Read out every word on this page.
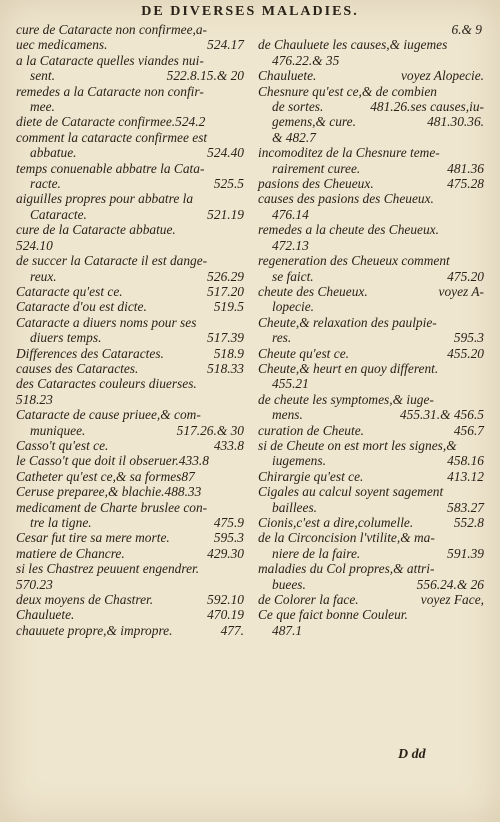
DE DIVERSES MALADIES.
cure de Cataracte non confirmee,a-
uec medicamens.	524.17
a la Cataracte quelles viandes nui-
sent.	522.8.15.& 20
remedes a la Cataracte non confir-
mee.
diete de Cataracte confirmee.524.2
comment la cataracte confirmee est
abbatue.	524.40
temps conuenable abbatre la Cata-
racte.	525.5
aiguilles propres pour abbatre la
Cataracte.	521.19
cure de la Cataracte abbatue.
524.10
de succer la Cataracte il est dange-
reux.	526.29
Cataracte qu'est ce.	517.20
Cataracte d'ou est dicte.	519.5
Cataracte a diuers noms pour ses
diuers temps.	517.39
Differences des Cataractes.	518.9
causes des Cataractes.	518.33
des Cataractes couleurs diuerses.
518.23
Cataracte de cause priuee,& com-
muniquee.	517.26.& 30
Casso't qu'est ce.	433.8
le Casso't que doit il obseruer.433.8
Catheter qu'est ce,& sa formes87
Ceruse preparee,& blachie.488.33
medicament de Charte bruslee con-
tre la tigne.	475.9
Cesar fut tire sa mere morte.	595.3
matiere de Chancre.	429.30
si les Chastrez peuuent engendrer.
570.23
deux moyens de Chastrer.	592.10
Chauluete.	470.19
chauuete propre,& impropre.	477.
6.& 9
de Chauluete les causes,& iugemes
476.22.& 35
Chauluete.	voyez Alopecie.
Chesnure qu'est ce,& de combien
de sortes.	481.26.ses causes,iu-
gemens,& cure.	481.30.36.
& 482.7
incomoditez de la Chesnure teme-
rairement curee.	481.36
pasions des Cheueux.	475.28
causes des pasions des Cheueux.
476.14
remedes a la cheute des Cheueux.
472.13
regeneration des Cheueux comment
se faict.	475.20
cheute des Cheueux.	voyez A-
lopecie.
Cheute,& relaxation des paulpie-
res.	595.3
Cheute qu'est ce.	455.20
Cheute,& heurt en quoy different.
455.21
de cheute les symptomes,& iuge-
mens.	455.31.& 456.5
curation de Cheute.	456.7
si de Cheute on est mort les signes,&
iugemens.	458.16
Chirargie qu'est ce.	413.12
Cigales au calcul soyent sagement
baillees.	583.27
Cionis,c'est a dire,columelle.	552.8
de la Circoncision l'vtilite,& ma-
niere de la faire.	591.39
maladies du Col propres,& attri-
buees.	556.24.& 26
de Colorer la face.	voyez Face,
Ce que faict bonne Couleur.
487.1
D dd
